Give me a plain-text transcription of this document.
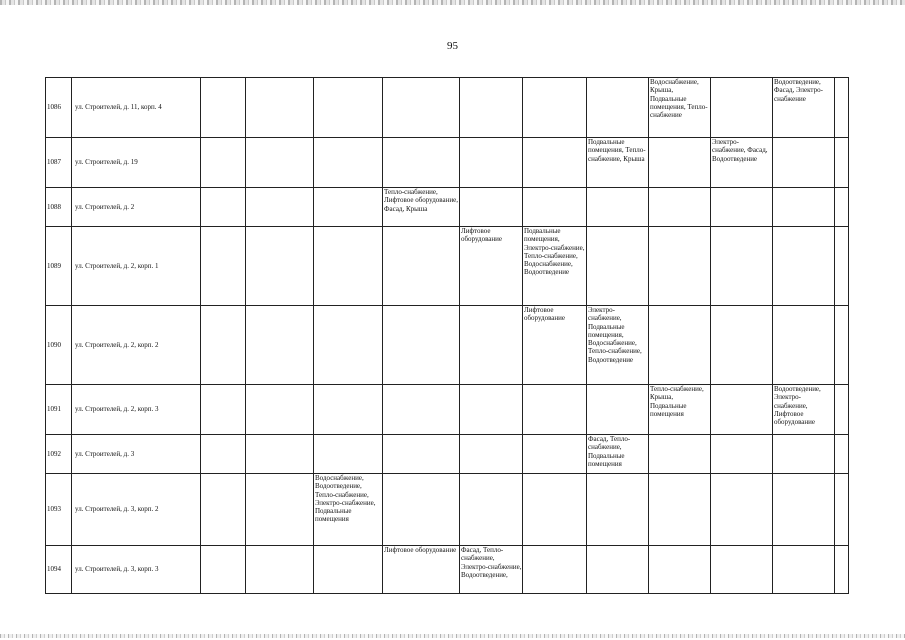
95
1086	ул. Строителей, д. 11, корп. 4								Водоснабжение, Крыша, Подвальные помещения, Тепло-снабжение		Водоотведение, Фасад, Электро-снабжение	
1087	ул. Строителей, д. 19							Подвальные помещения, Тепло-снабжение, Крыша		Электро-снабжение, Фасад, Водоотведение		
1088	ул. Строителей, д. 2				Тепло-снабжение, Лифтовое оборудование, Фасад, Крыша							
1089	ул. Строителей, д. 2, корп. 1					Лифтовое оборудование	Подвальные помещения, Электро-снабжение, Тепло-снабжение, Водоснабжение, Водоотведение					
1090	ул. Строителей, д. 2, корп. 2						Лифтовое оборудование	Электро-снабжение, Подвальные помещения, Водоснабжение, Тепло-снабжение, Водоотведение				
1091	ул. Строителей, д. 2, корп. 3								Тепло-снабжение, Крыша, Подвальные помещения		Водоотведение, Электро-снабжение, Лифтовое оборудование	
1092	ул. Строителей, д. 3							Фасад, Тепло-снабжение, Подвальные помещения				
1093	ул. Строителей, д. 3, корп. 2			Водоснабжение, Водоотведение, Тепло-снабжение, Электро-снабжение, Подвальные помещения								
1094	ул. Строителей, д. 3, корп. 3				Лифтовое оборудование	Фасад, Тепло-снабжение, Электро-снабжение, Водоотведение,						
